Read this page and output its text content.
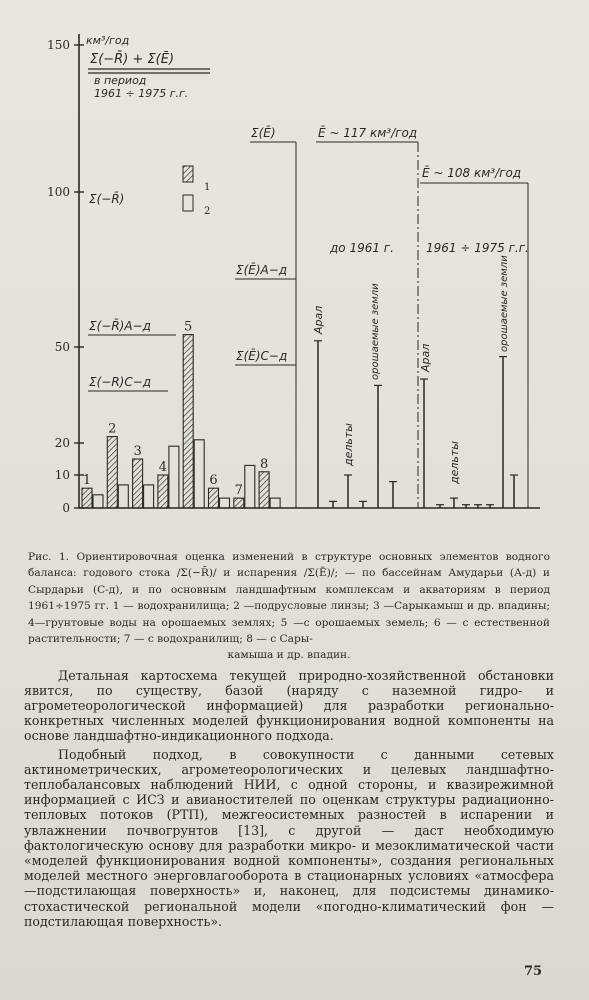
0
10
20
50
100
150 км³/год
Σ(−R̄) + Σ(Ē)
в период
1961 ÷ 1975 г.г.
1
2
Σ(−R̄)
Σ(−R̄)А−д
Σ(−R)С−д
1
2
3
4
5
6
7
8
Σ(Ē)	Ē ~ 117 км³/год
Ē ~ 108 км³/год
Σ(Ē)А−д
Σ(Ē)С−д
до 1961 г.	1961 ÷ 1975 г.г.
Арал
дельты
орошаемые земли	Арал
дельты
орошаемые земли
Рис. 1. Ориентировочная оценка изменений в структуре основных элементов водного баланса: годового стока /Σ(−R̄)/ и испарения /Σ(Ē)/; — по бассейнам Амударьи (А-д) и Сырдарьи (С-д), и по основным ландшафтным комплексам и акваториям в период 1961÷1975 гг. 1 — водохранилища; 2 —подрусловые линзы; 3 —Сарыкамыш и др. впадины; 4—грунтовые воды на орошаемых землях; 5 —с орошаемых земель; 6 — с естественной растительности; 7 — с водохранилищ; 8 — с Сары-
камыша и др. впадин.

Детальная картосхема текущей природно-хозяйственной обстановки явится, по существу, базой (наряду с наземной гидро- и агрометеорологической информацией) для разработки регионально-конкретных численных моделей функционирования водной компоненты на основе ландшафтно-индикационного подхода.

Подобный подход, в совокупности с данными сетевых актинометрических, агрометеорологических и целевых ландшафтно-теплобалансовых наблюдений НИИ, с одной стороны, и квазирежимной информацией с ИСЗ и авианостителей по оценкам структуры радиационно-тепловых потоков (РТП), межгеосистемных разностей в испарении и увлажнении почвогрунтов [13], с другой — даст необходимую фактологическую основу для разработки микро- и мезоклиматической части «моделей функционирования водной компоненты», создания региональных моделей местного энерговлагооборота в стационарных условиях «атмосфера—подстилающая поверхность» и, наконец, для подсистемы динамико-стохастической региональной модели «погодно-климатический фон — подстилающая поверхность».

75
